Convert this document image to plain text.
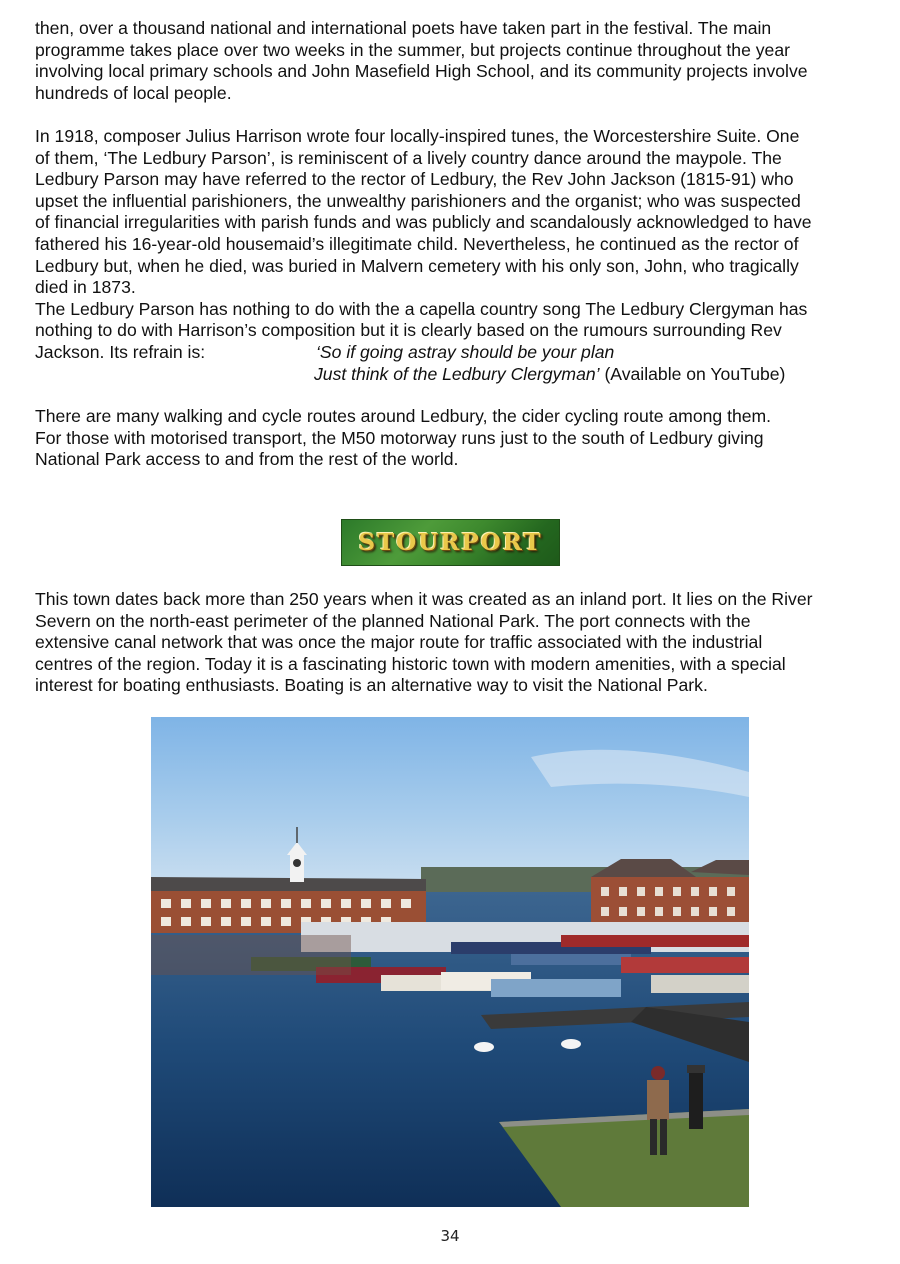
then, over a thousand national and international poets have taken part in the festival. The main
programme takes place over two weeks in the summer, but projects continue throughout the year
involving local primary schools and John Masefield High School, and its community projects involve
hundreds of local people.

In 1918, composer Julius Harrison wrote four locally-inspired tunes, the Worcestershire Suite. One
of them, ‘The Ledbury Parson’, is reminiscent of a lively country dance around the maypole. The
Ledbury Parson may have referred to the rector of Ledbury, the Rev John Jackson (1815-91) who
upset the influential parishioners, the unwealthy parishioners and the organist; who was suspected
of financial irregularities with parish funds and was publicly and scandalously acknowledged to have
fathered his 16-year-old housemaid’s illegitimate child. Nevertheless, he continued as the rector of
Ledbury but, when he died, was buried in Malvern cemetery with his only son, John, who tragically
died in 1873.
The Ledbury Parson has nothing to do with the a capella country song The Ledbury Clergyman has
nothing to do with Harrison’s composition but it is clearly based on the rumours surrounding Rev
Jackson. Its refrain is:	‘So if going astray should be your plan
Just think of the Ledbury Clergyman’ (Available on YouTube)

There are many walking and cycle routes around Ledbury, the cider cycling route among them.
For those with motorised transport, the M50 motorway runs just to the south of Ledbury giving
National Park access to and from the rest of the world.

STOURPORT

This town dates back more than 250 years when it was created as an inland port. It lies on the River
Severn on the north-east perimeter of the planned National Park. The port connects with the
extensive canal network that was once the major route for traffic associated with the industrial
centres of the region. Today it is a fascinating historic town with modern amenities, with a special
interest for boating enthusiasts. Boating is an alternative way to visit the National Park.

34
